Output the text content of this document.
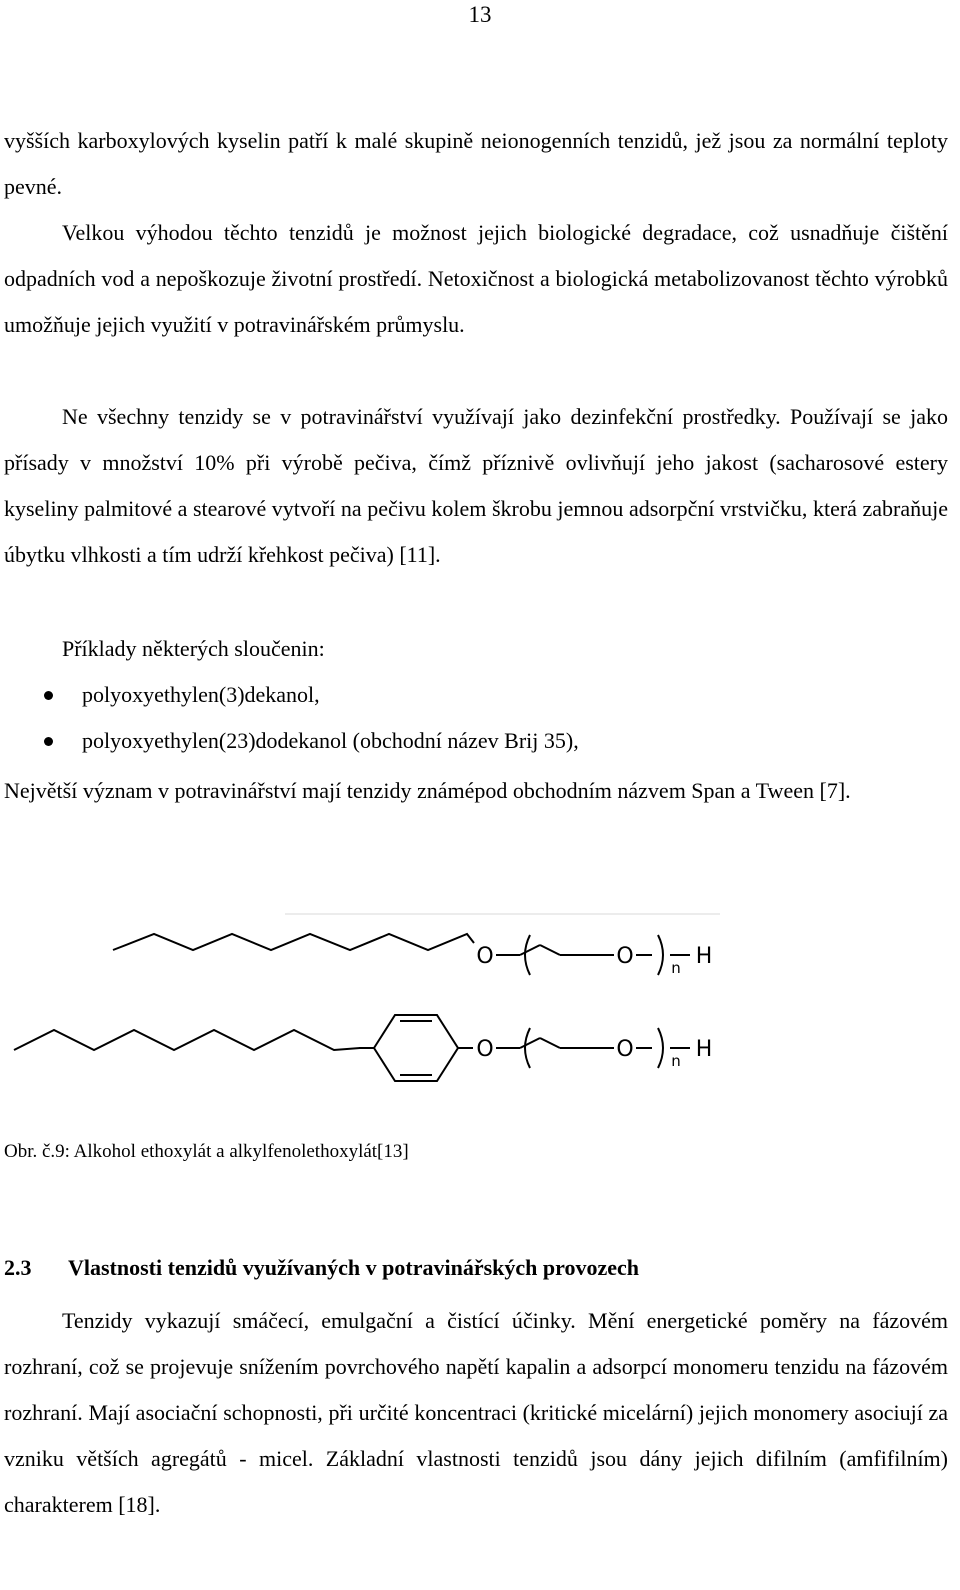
13

vyšších karboxylových kyselin patří k malé skupině neionogenních tenzidů, jež jsou za normální teploty pevné.

Velkou výhodou těchto tenzidů je možnost jejich biologické degradace, což usnadňuje čištění odpadních vod a nepoškozuje životní prostředí. Netoxičnost a biologická metabolizovanost těchto výrobků umožňuje jejich využití v potravinářském průmyslu.

Ne všechny tenzidy se v potravinářství využívají jako dezinfekční prostředky. Používají se jako přísady v množství 10% při výrobě pečiva, čímž příznivě ovlivňují jeho jakost (sacharosové estery kyseliny palmitové a stearové vytvoří na pečivu kolem škrobu jemnou adsorpční vrstvičku, která zabraňuje úbytku vlhkosti a tím udrží křehkost pečiva) [11].

Příklady některých sloučenin:

polyoxyethylen(3)dekanol,
polyoxyethylen(23)dodekanol (obchodní název Brij 35),

Největší význam v potravinářství mají tenzidy známépod obchodním názvem Span a Tween [7].

O	O	n H
O	O	n H
Obr. č.9: Alkohol ethoxylát a alkylfenolethoxylát[13]
2.3 Vlastnosti tenzidů využívaných v potravinářských provozech

Tenzidy vykazují smáčecí, emulgační a čistící účinky. Mění energetické poměry na fázovém rozhraní, což se projevuje snížením povrchového napětí kapalin a adsorpcí monomeru tenzidu na fázovém rozhraní. Mají asociační schopnosti, při určité koncentraci (kritické micelární) jejich monomery asociují za vzniku větších agregátů - micel. Základní vlastnosti tenzidů jsou dány jejich difilním (amfifilním) charakterem [18].
